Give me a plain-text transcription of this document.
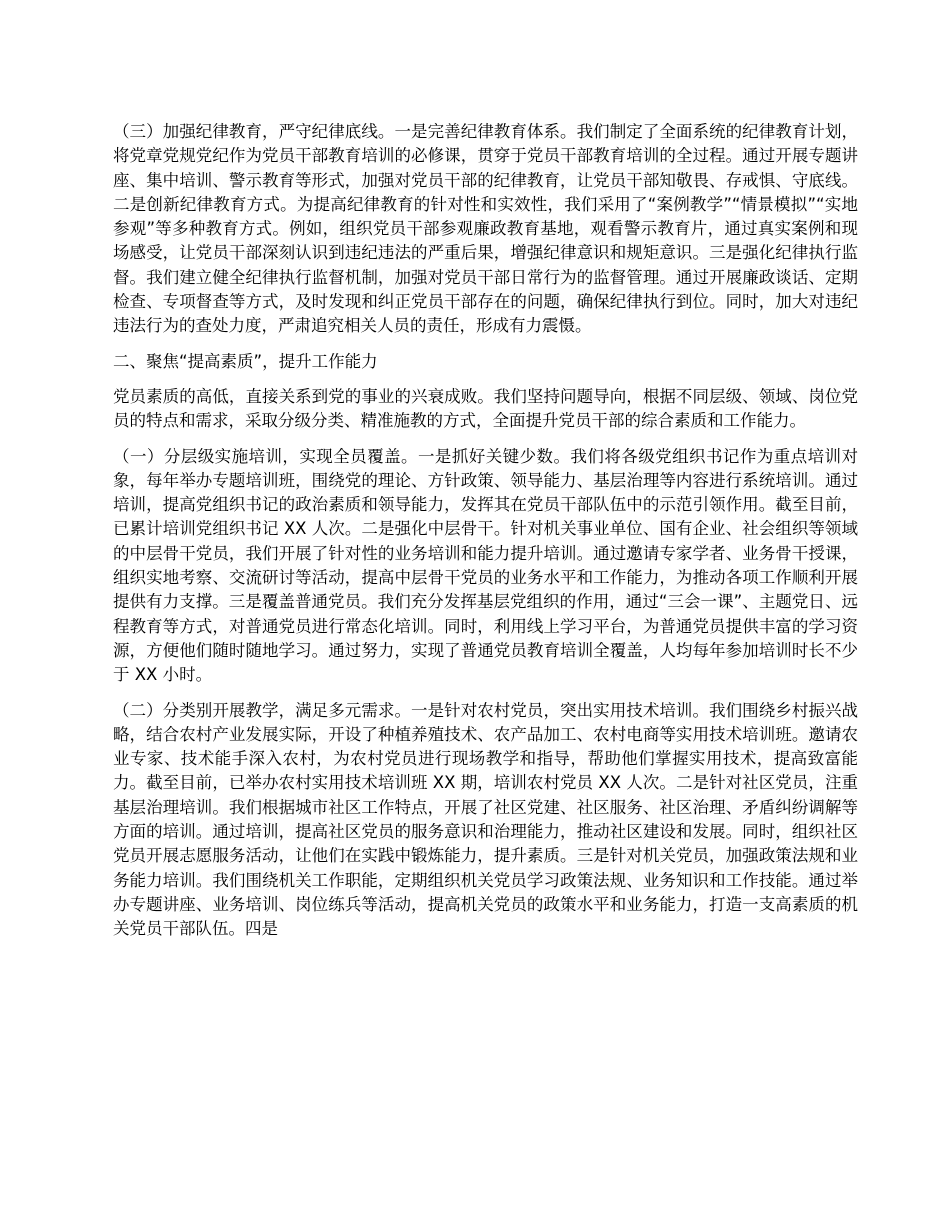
（三）加强纪律教育，严守纪律底线。一是完善纪律教育体系。我们制定了全面系统的纪律教育计划，将党章党规党纪作为党员干部教育培训的必修课，贯穿于党员干部教育培训的全过程。通过开展专题讲座、集中培训、警示教育等形式，加强对党员干部的纪律教育，让党员干部知敬畏、存戒惧、守底线。二是创新纪律教育方式。为提高纪律教育的针对性和实效性，我们采用了“案例教学”“情景模拟”“实地参观”等多种教育方式。例如，组织党员干部参观廉政教育基地，观看警示教育片，通过真实案例和现场感受，让党员干部深刻认识到违纪违法的严重后果，增强纪律意识和规矩意识。三是强化纪律执行监督。我们建立健全纪律执行监督机制，加强对党员干部日常行为的监督管理。通过开展廉政谈话、定期检查、专项督查等方式，及时发现和纠正党员干部存在的问题，确保纪律执行到位。同时，加大对违纪违法行为的查处力度，严肃追究相关人员的责任，形成有力震慑。

二、聚焦“提高素质”，提升工作能力

党员素质的高低，直接关系到党的事业的兴衰成败。我们坚持问题导向，根据不同层级、领域、岗位党员的特点和需求，采取分级分类、精准施教的方式，全面提升党员干部的综合素质和工作能力。

（一）分层级实施培训，实现全员覆盖。一是抓好关键少数。我们将各级党组织书记作为重点培训对象，每年举办专题培训班，围绕党的理论、方针政策、领导能力、基层治理等内容进行系统培训。通过培训，提高党组织书记的政治素质和领导能力，发挥其在党员干部队伍中的示范引领作用。截至目前，已累计培训党组织书记 XX 人次。二是强化中层骨干。针对机关事业单位、国有企业、社会组织等领域的中层骨干党员，我们开展了针对性的业务培训和能力提升培训。通过邀请专家学者、业务骨干授课，组织实地考察、交流研讨等活动，提高中层骨干党员的业务水平和工作能力，为推动各项工作顺利开展提供有力支撑。三是覆盖普通党员。我们充分发挥基层党组织的作用，通过“三会一课”、主题党日、远程教育等方式，对普通党员进行常态化培训。同时，利用线上学习平台，为普通党员提供丰富的学习资源，方便他们随时随地学习。通过努力，实现了普通党员教育培训全覆盖，人均每年参加培训时长不少于 XX 小时。

（二）分类别开展教学，满足多元需求。一是针对农村党员，突出实用技术培训。我们围绕乡村振兴战略，结合农村产业发展实际，开设了种植养殖技术、农产品加工、农村电商等实用技术培训班。邀请农业专家、技术能手深入农村，为农村党员进行现场教学和指导，帮助他们掌握实用技术，提高致富能力。截至目前，已举办农村实用技术培训班 XX 期，培训农村党员 XX 人次。二是针对社区党员，注重基层治理培训。我们根据城市社区工作特点，开展了社区党建、社区服务、社区治理、矛盾纠纷调解等方面的培训。通过培训，提高社区党员的服务意识和治理能力，推动社区建设和发展。同时，组织社区党员开展志愿服务活动，让他们在实践中锻炼能力，提升素质。三是针对机关党员，加强政策法规和业务能力培训。我们围绕机关工作职能，定期组织机关党员学习政策法规、业务知识和工作技能。通过举办专题讲座、业务培训、岗位练兵等活动，提高机关党员的政策水平和业务能力，打造一支高素质的机关党员干部队伍。四是
